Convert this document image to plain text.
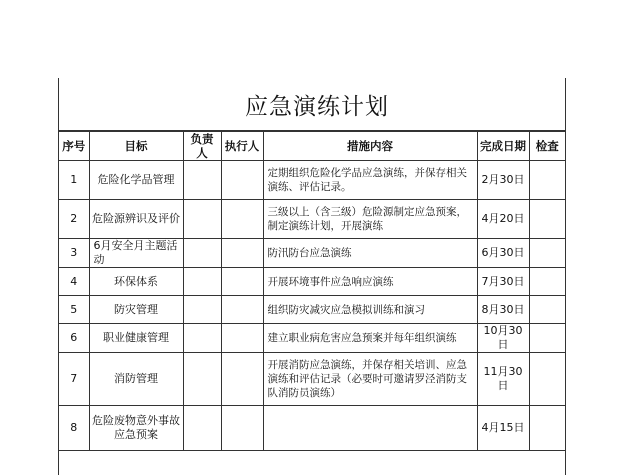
应急演练计划
序号	目标	负责人	执行人	措施内容	完成日期	检查
1	危险化学品管理			定期组织危险化学品应急演练，并保存相关演练、评估记录。	2月30日	
2	危险源辨识及评价			三级以上（含三级）危险源制定应急预案，制定演练计划，开展演练	4月20日	
3	6月安全月主题活动			防汛防台应急演练	6月30日	
4	环保体系			开展环境事件应急响应演练	7月30日	
5	防灾管理			组织防灾减灾应急模拟训练和演习	8月30日	
6	职业健康管理			建立职业病危害应急预案并每年组织演练	10月30日	
7	消防管理			开展消防应急演练，并保存相关培训、应急演练和评估记录（必要时可邀请罗泾消防支队消防员演练）	11月30日	
8	危险废物意外事故应急预案				4月15日	
